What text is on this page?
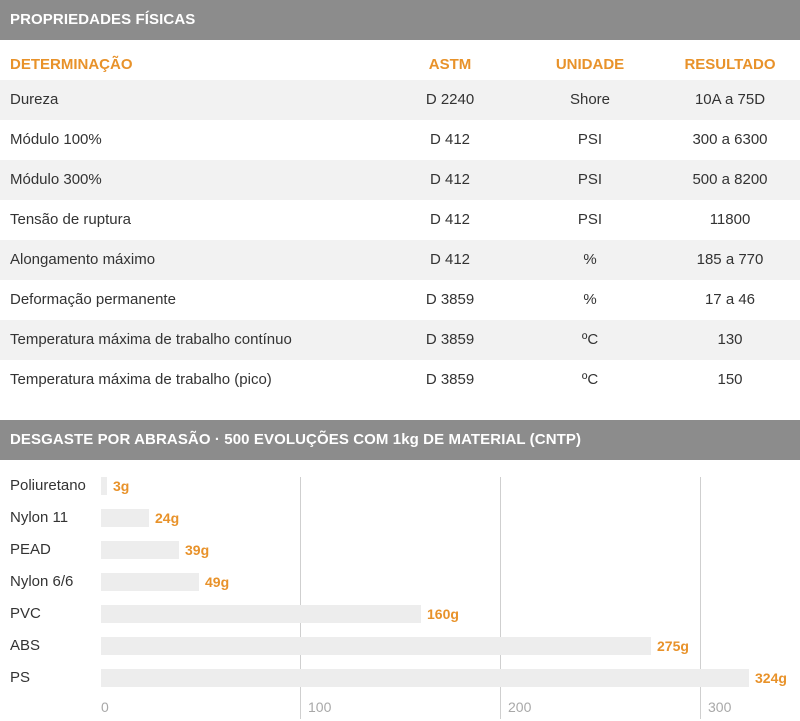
PROPRIEDADES FÍSICAS
DETERMINAÇÃO	ASTM	UNIDADE	RESULTADO
Dureza	D 2240	Shore	10A a 75D
Módulo 100%	D 412	PSI	300 a 6300
Módulo 300%	D 412	PSI	500 a 8200
Tensão de ruptura	D 412	PSI	11800
Alongamento máximo	D 412	%	185 a 770
Deformação permanente	D 3859	%	17 a 46
Temperatura máxima de trabalho contínuo	D 3859	ºC	130
Temperatura máxima de trabalho (pico)	D 3859	ºC	150
DESGASTE POR ABRASÃO · 500 EVOLUÇÕES COM 1kg DE MATERIAL (CNTP)
0	100	200	300
Poliuretano 3g
Nylon 11	24g
PEAD	39g
Nylon 6/6	49g
PVC	160g
ABS	275g
PS	324g
